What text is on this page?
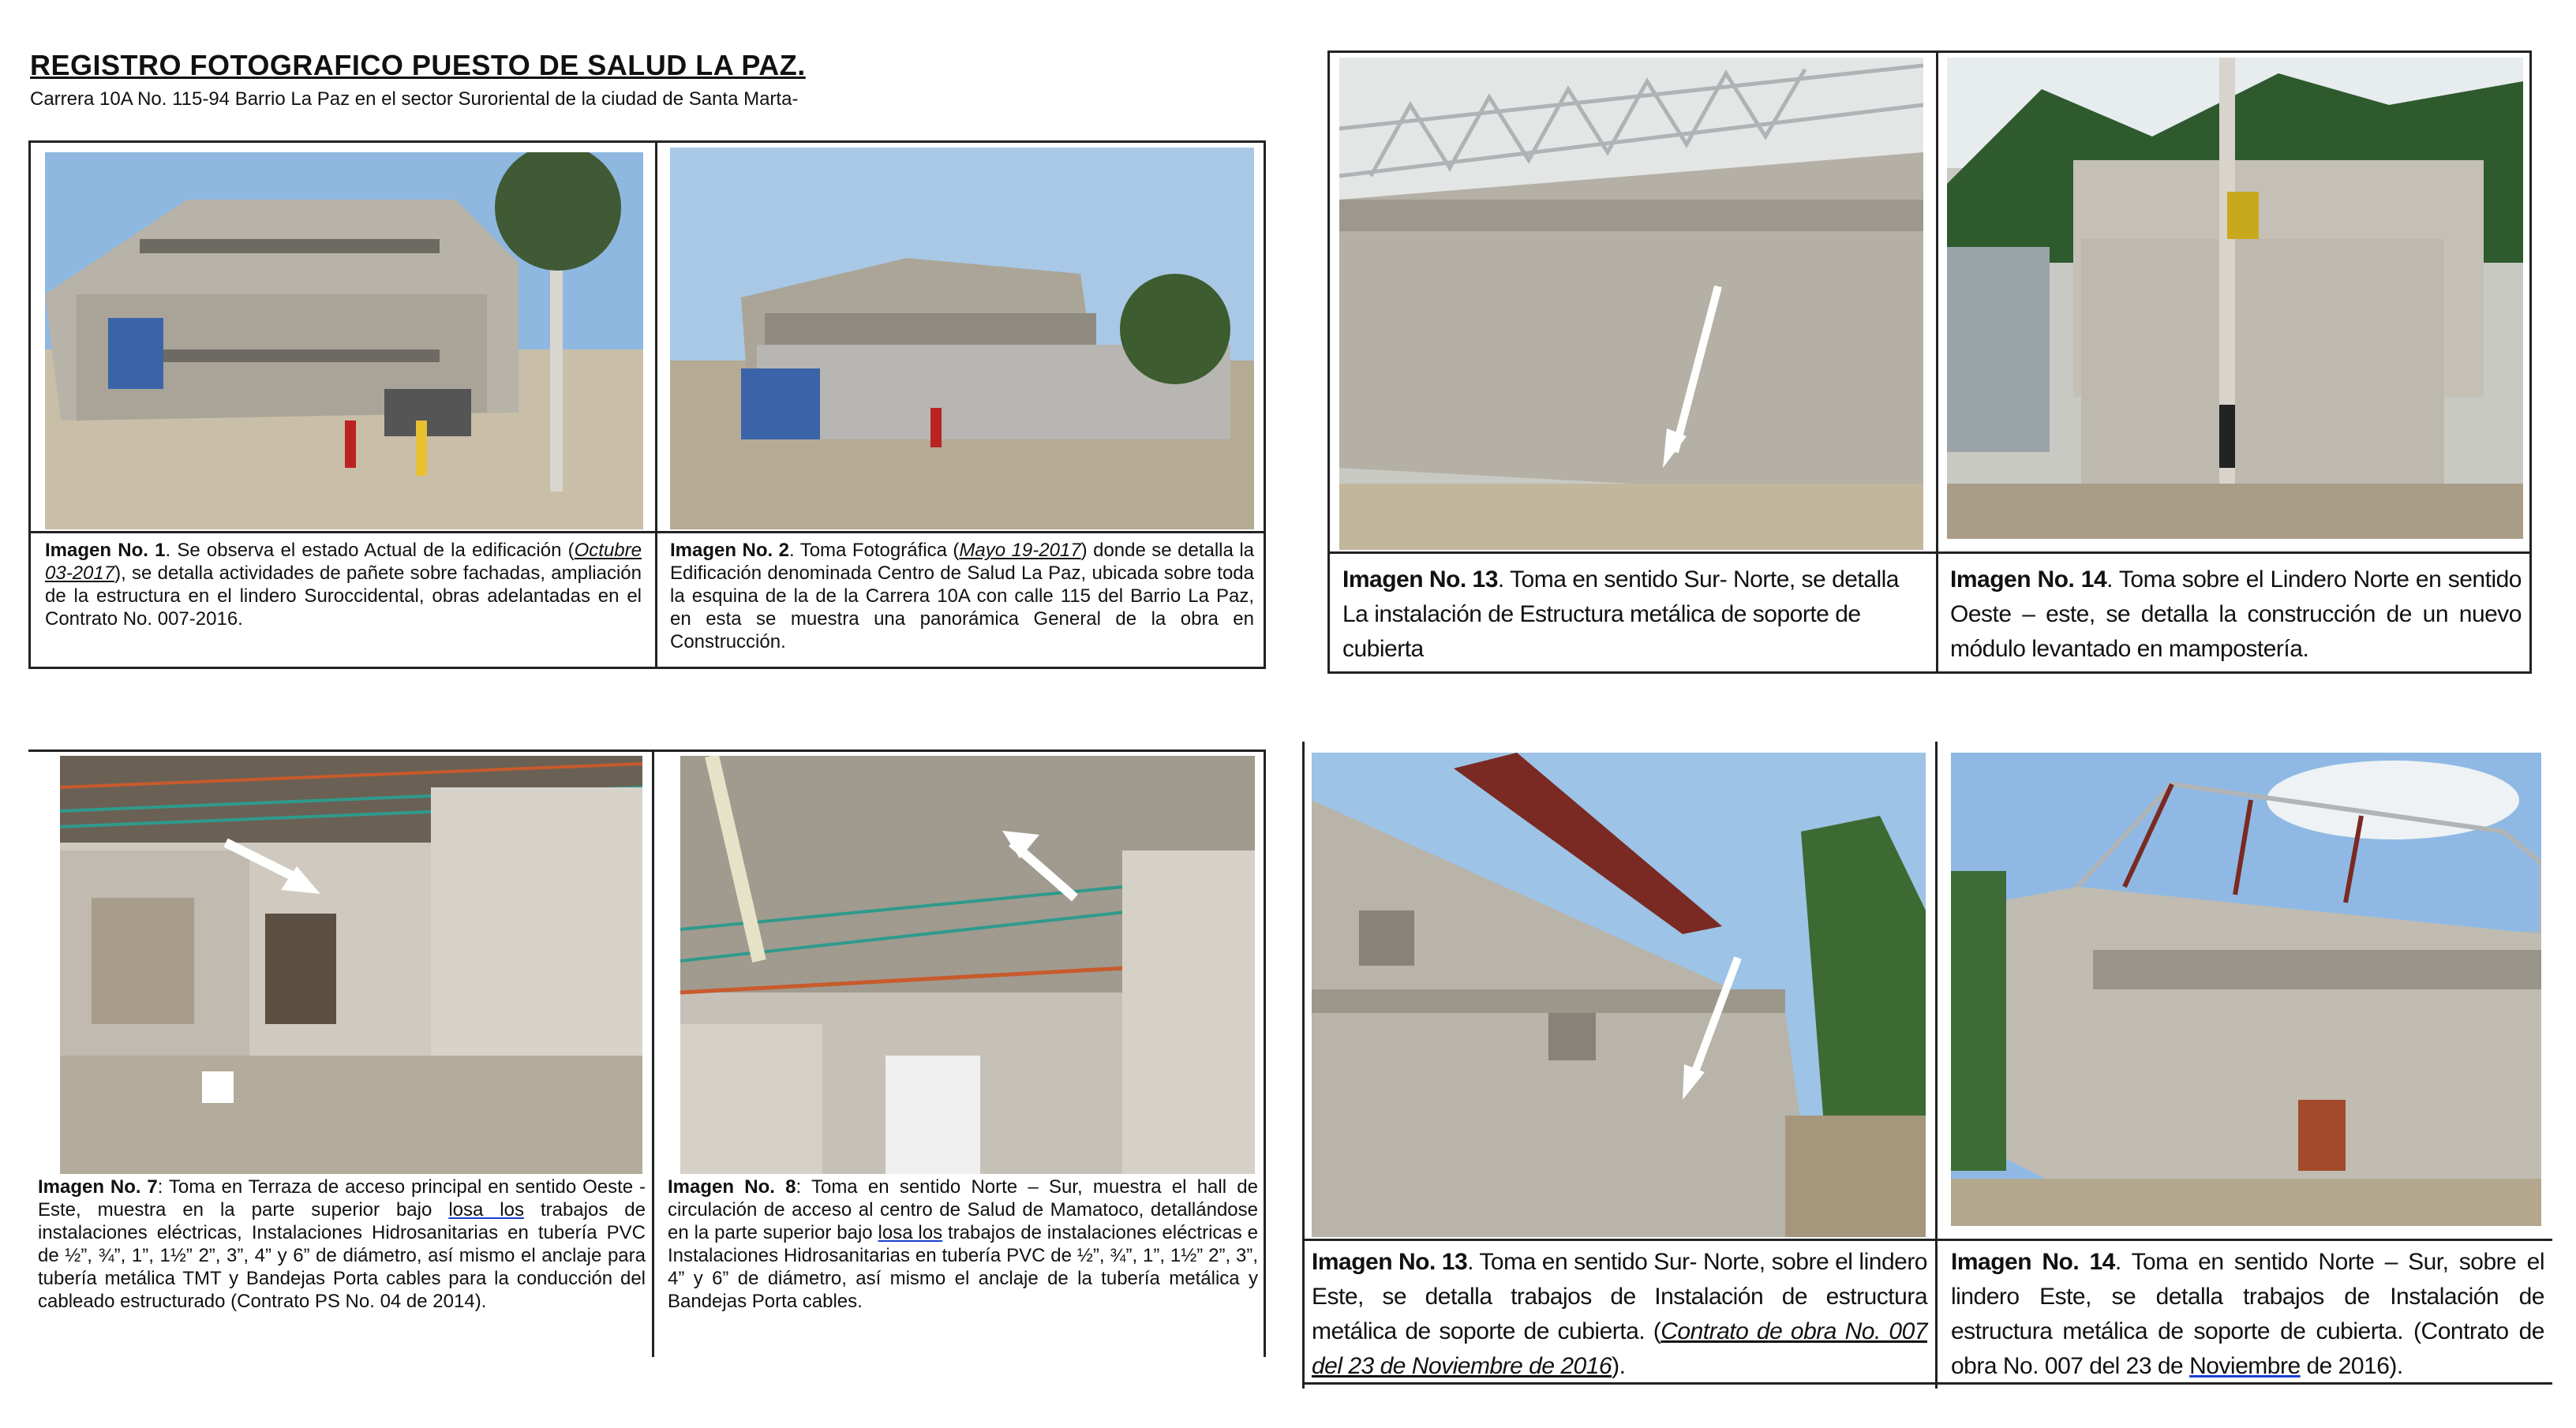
REGISTRO FOTOGRAFICO PUESTO DE SALUD LA PAZ.
Carrera 10A No. 115-94 Barrio La Paz en el sector Suroriental de la ciudad de Santa Marta-
Imagen No. 1. Se observa el estado Actual de la edificación (Octubre 03-2017), se detalla actividades de pañete sobre fachadas, ampliación de la estructura en el lindero Suroccidental, obras adelantadas en el Contrato No. 007-2016.
Imagen No. 2. Toma Fotográfica (Mayo 19-2017) donde se detalla la Edificación denominada Centro de Salud La Paz, ubicada sobre toda la esquina de la de la Carrera 10A con calle 115 del Barrio La Paz, en esta se muestra una panorámica General de la obra en Construcción.
Imagen No. 13. Toma en sentido Sur- Norte, se detalla La instalación de Estructura metálica de soporte de cubierta
Imagen No. 14. Toma sobre el Lindero Norte en sentido Oeste – este, se detalla la construcción de un nuevo módulo levantado en mampostería.
Imagen No. 7: Toma en Terraza de acceso principal en sentido Oeste - Este, muestra en la parte superior bajo losa los trabajos de instalaciones eléctricas, Instalaciones Hidrosanitarias en tubería PVC de ½”, ¾”, 1”, 1½” 2”, 3”, 4” y 6” de diámetro, así mismo el anclaje para tubería metálica TMT y Bandejas Porta cables para la conducción del cableado estructurado (Contrato PS No. 04 de 2014).
Imagen No. 8: Toma en sentido Norte – Sur, muestra el hall de circulación de acceso al centro de Salud de Mamatoco, detallándose en la parte superior bajo losa los trabajos de instalaciones eléctricas e Instalaciones Hidrosanitarias en tubería PVC de ½”, ¾”, 1”, 1½” 2”, 3”, 4” y 6” de diámetro, así mismo el anclaje de la tubería metálica y Bandejas Porta cables.
Imagen No. 13. Toma en sentido Sur- Norte, sobre el lindero Este, se detalla trabajos de Instalación de estructura metálica de soporte de cubierta. (Contrato de obra No. 007 del 23 de Noviembre de 2016).
Imagen No. 14. Toma en sentido Norte – Sur, sobre el lindero Este, se detalla trabajos de Instalación de estructura metálica de soporte de cubierta. (Contrato de obra No. 007 del 23 de Noviembre de 2016).
